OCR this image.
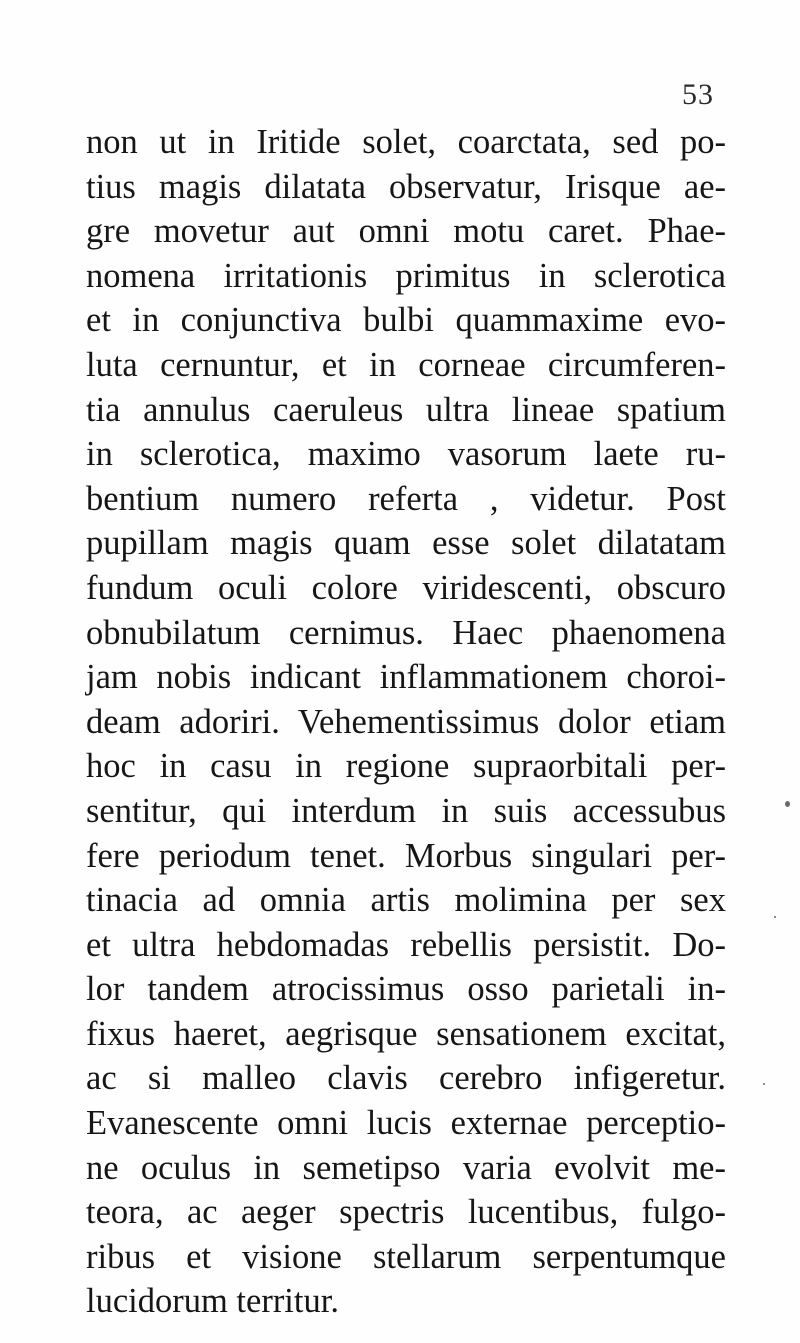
53
non ut in Iritide solet, coarctata, sed po-
tius magis dilatata observatur, Irisque ae-
gre movetur aut omni motu caret. Phae-
nomena irritationis primitus in sclerotica
et in conjunctiva bulbi quammaxime evo-
luta cernuntur, et in corneae circumferen-
tia annulus caeruleus ultra lineae spatium
in sclerotica, maximo vasorum laete ru-
bentium numero referta , videtur. Post
pupillam magis quam esse solet dilatatam
fundum oculi colore viridescenti, obscuro
obnubilatum cernimus. Haec phaenomena
jam nobis indicant inflammationem choroi-
deam adoriri. Vehementissimus dolor etiam
hoc in casu in regione supraorbitali per-
sentitur, qui interdum in suis accessubus
fere periodum tenet. Morbus singulari per-
tinacia ad omnia artis molimina per sex
et ultra hebdomadas rebellis persistit. Do-
lor tandem atrocissimus osso parietali in-
fixus haeret, aegrisque sensationem excitat,
ac si malleo clavis cerebro infigeretur.
Evanescente omni lucis externae perceptio-
ne oculus in semetipso varia evolvit me-
teora, ac aeger spectris lucentibus, fulgo-
ribus et visione stellarum serpentumque
lucidorum territur.
